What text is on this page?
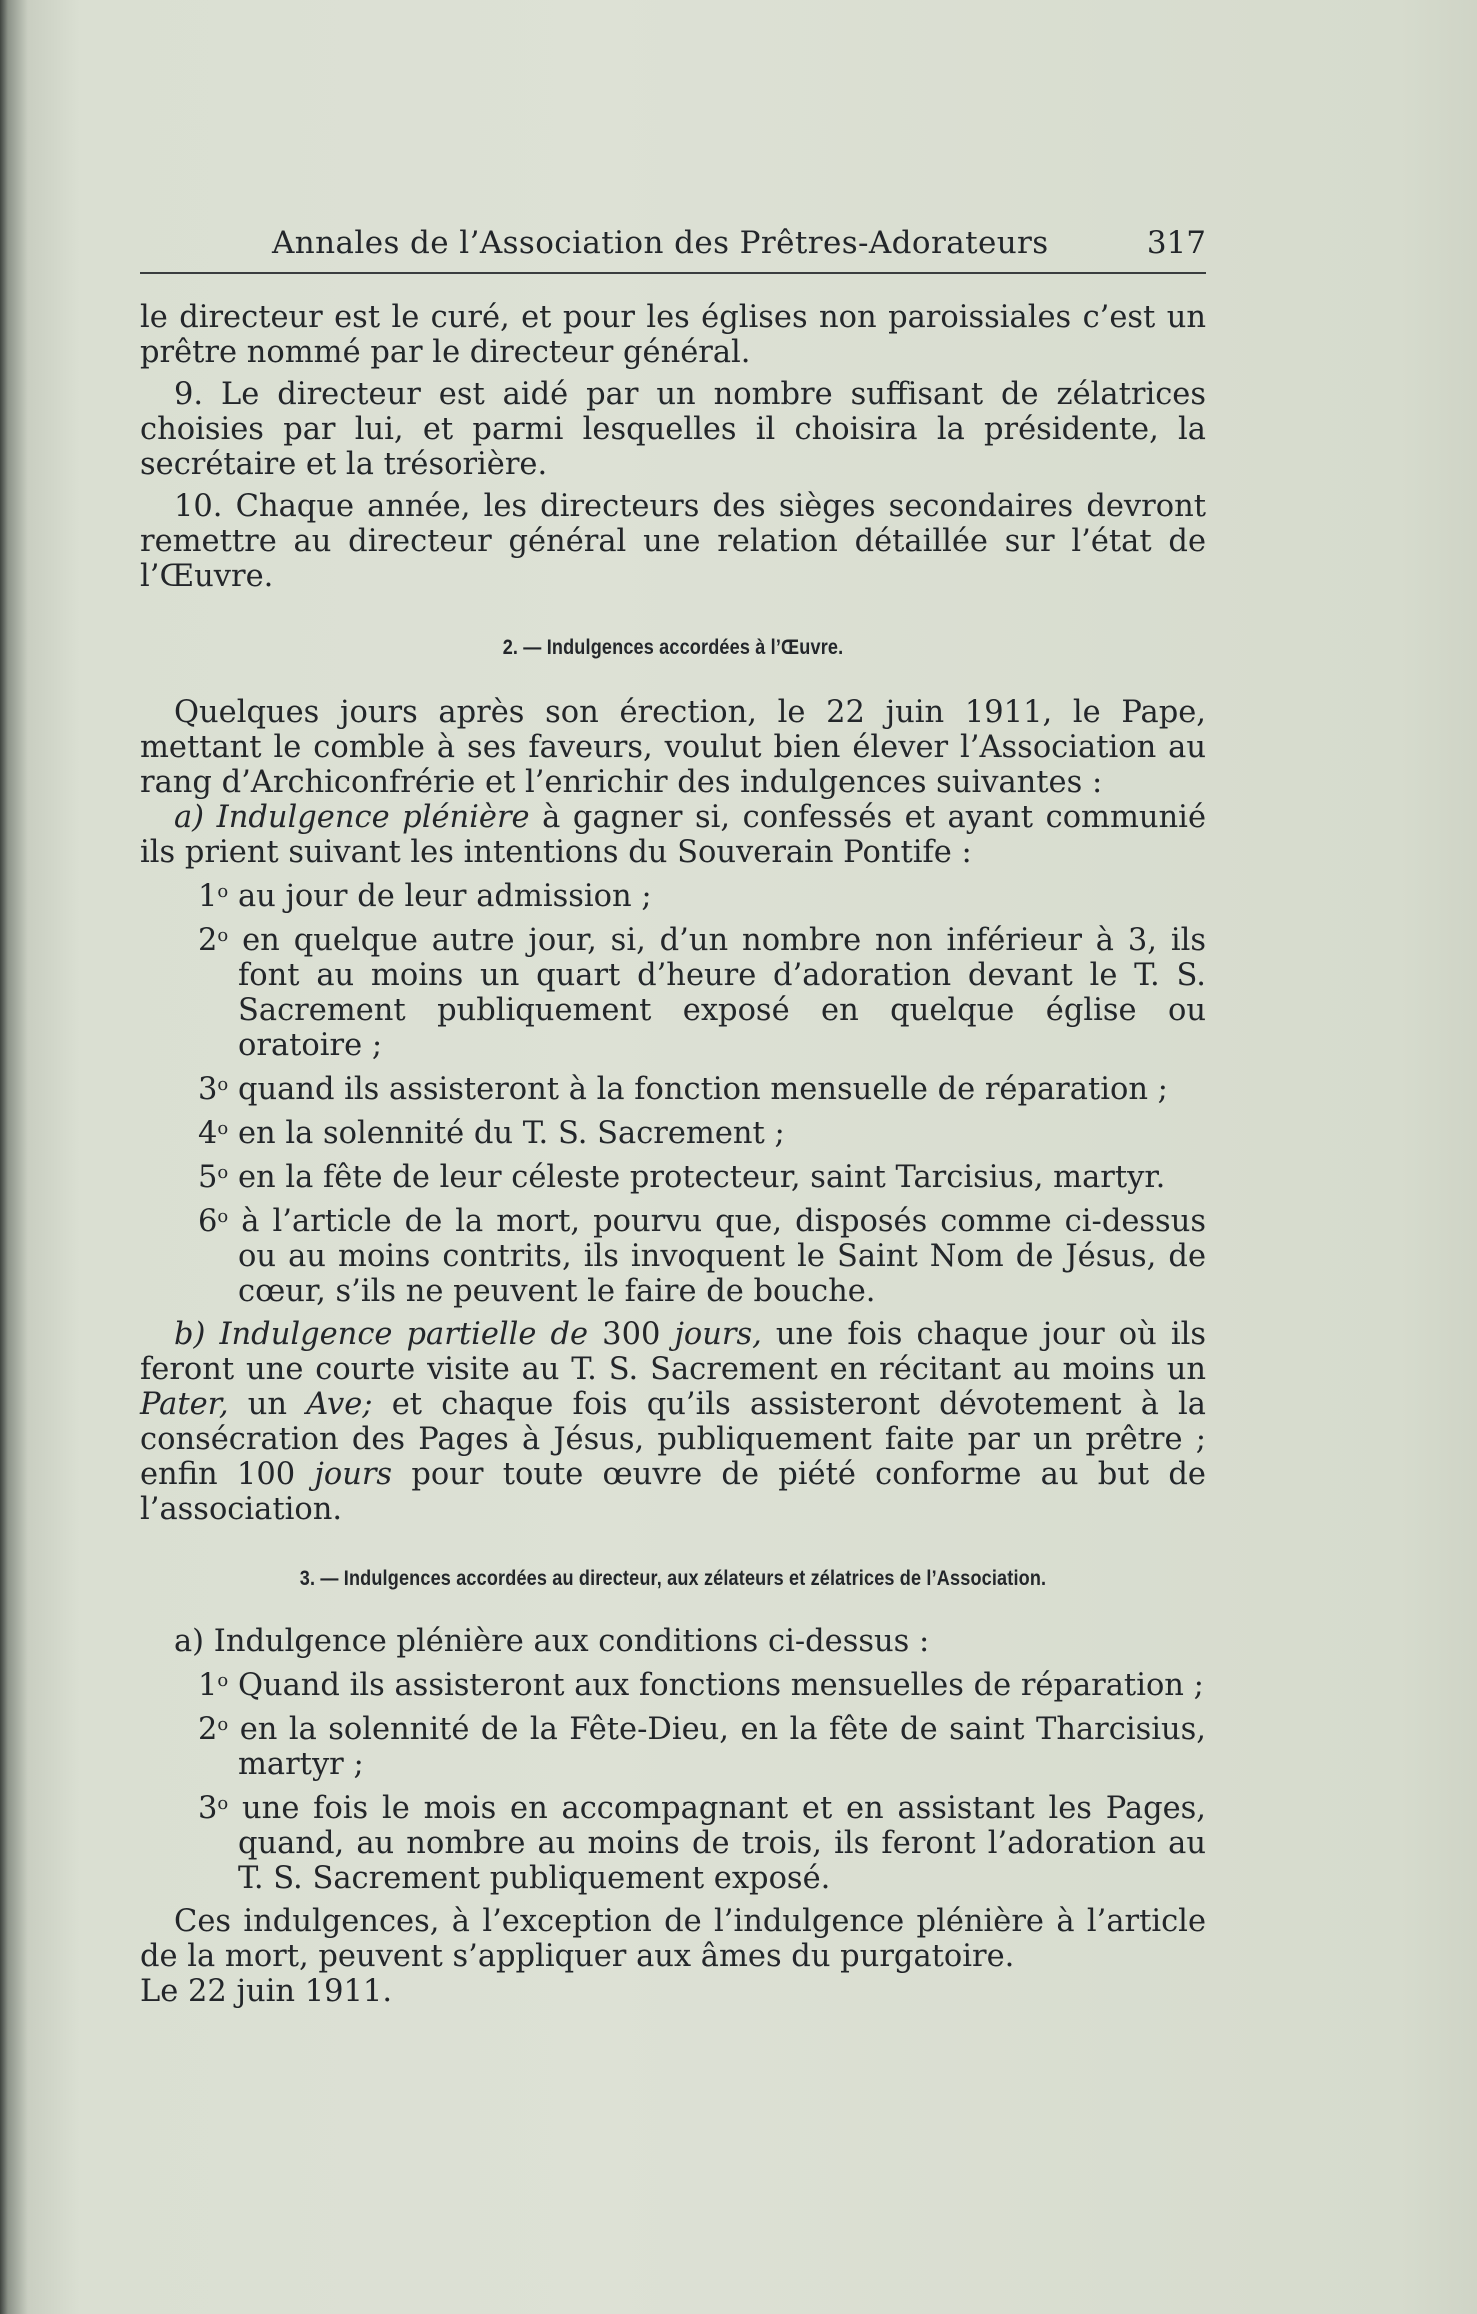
Annales de l’Association des Prêtres-Adorateurs	317

le directeur est le curé, et pour les églises non paroissiales c’est un prêtre nommé par le directeur général.

9. Le directeur est aidé par un nombre suffisant de zélatrices choisies par lui, et parmi lesquelles il choisira la présidente, la secrétaire et la trésorière.

10. Chaque année, les directeurs des sièges secondaires devront remettre au directeur général une relation détaillée sur l’état de l’Œuvre.

2. — Indulgences accordées à l’Œuvre.

Quelques jours après son érection, le 22 juin 1911, le Pape, mettant le comble à ses faveurs, voulut bien élever l’Association au rang d’Archiconfrérie et l’enrichir des indulgences suivantes :

a) Indulgence plénière à gagner si, confessés et ayant communié ils prient suivant les intentions du Souverain Pontife :

1$^o$ au jour de leur admission ;

2$^o$ en quelque autre jour, si, d’un nombre non inférieur à 3, ils font au moins un quart d’heure d’adoration devant le T. S. Sacrement publiquement exposé en quelque église ou oratoire ;

3$^o$ quand ils assisteront à la fonction mensuelle de réparation ;

4$^o$ en la solennité du T. S. Sacrement ;

5$^o$ en la fête de leur céleste protecteur, saint Tarcisius, martyr.

6$^o$ à l’article de la mort, pourvu que, disposés comme ci-dessus ou au moins contrits, ils invoquent le Saint Nom de Jésus, de cœur, s’ils ne peuvent le faire de bouche.

b) Indulgence partielle de 300 jours, une fois chaque jour où ils feront une courte visite au T. S. Sacrement en récitant au moins un Pater, un Ave; et chaque fois qu’ils assisteront dévotement à la consécration des Pages à Jésus, publiquement faite par un prêtre ; enfin 100 jours pour toute œuvre de piété conforme au but de l’association.

3. — Indulgences accordées au directeur, aux zélateurs et zélatrices de l’Association.

a) Indulgence plénière aux conditions ci-dessus :

1$^o$ Quand ils assisteront aux fonctions mensuelles de réparation ;

2$^o$ en la solennité de la Fête-Dieu, en la fête de saint Tharcisius, martyr ;

3$^o$ une fois le mois en accompagnant et en assistant les Pages, quand, au nombre au moins de trois, ils feront l’adoration au T. S. Sacrement publiquement exposé.

Ces indulgences, à l’exception de l’indulgence plénière à l’article de la mort, peuvent s’appliquer aux âmes du purgatoire.

Le 22 juin 1911.
